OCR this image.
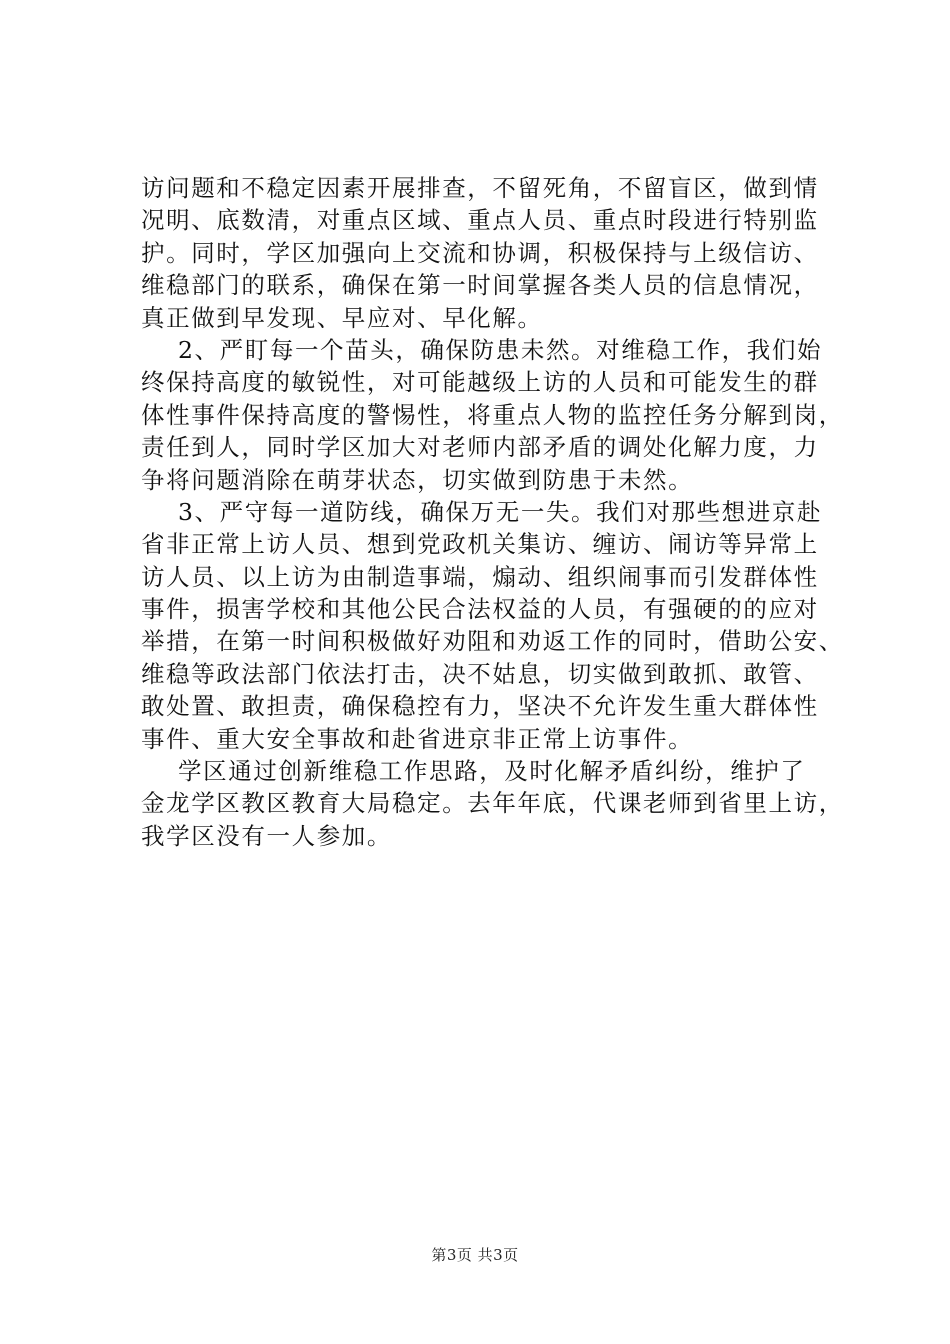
访问题和不稳定因素开展排查，不留死角，不留盲区，做到情
况明、底数清，对重点区域、重点人员、重点时段进行特别监
护。同时，学区加强向上交流和协调，积极保持与上级信访、
维稳部门的联系，确保在第一时间掌握各类人员的信息情况，
真正做到早发现、早应对、早化解。
2、严盯每一个苗头，确保防患未然。对维稳工作，我们始
终保持高度的敏锐性，对可能越级上访的人员和可能发生的群
体性事件保持高度的警惕性，将重点人物的监控任务分解到岗，
责任到人，同时学区加大对老师内部矛盾的调处化解力度，力
争将问题消除在萌芽状态，切实做到防患于未然。
3、严守每一道防线，确保万无一失。我们对那些想进京赴
省非正常上访人员、想到党政机关集访、缠访、闹访等异常上
访人员、以上访为由制造事端，煽动、组织闹事而引发群体性
事件，损害学校和其他公民合法权益的人员，有强硬的的应对
举措，在第一时间积极做好劝阻和劝返工作的同时，借助公安、
维稳等政法部门依法打击，决不姑息，切实做到敢抓、敢管、
敢处置、敢担责，确保稳控有力，坚决不允许发生重大群体性
事件、重大安全事故和赴省进京非正常上访事件。
学区通过创新维稳工作思路，及时化解矛盾纠纷，维护了
金龙学区教区教育大局稳定。去年年底，代课老师到省里上访，
我学区没有一人参加。
第3页 共3页
